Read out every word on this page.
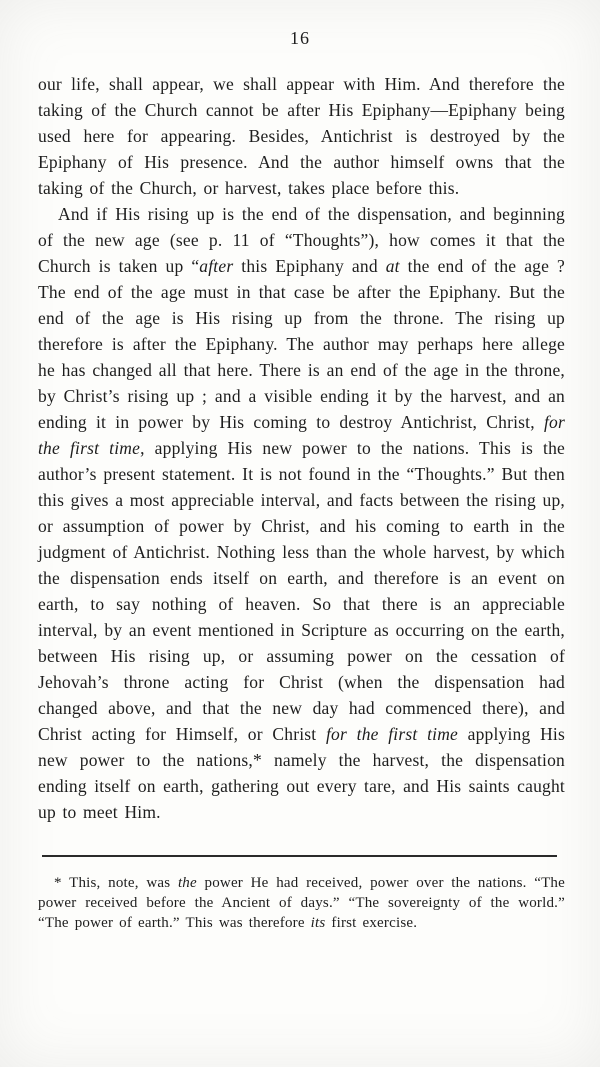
16

our life, shall appear, we shall appear with Him. And therefore the taking of the Church cannot be after His Epiphany—Epiphany being used here for appearing. Besides, Antichrist is destroyed by the Epiphany of His presence. And the author himself owns that the taking of the Church, or harvest, takes place before this.

And if His rising up is the end of the dispensation, and beginning of the new age (see p. 11 of “Thoughts”), how comes it that the Church is taken up “after this Epiphany and at the end of the age ? The end of the age must in that case be after the Epiphany. But the end of the age is His rising up from the throne. The rising up therefore is after the Epiphany. The author may perhaps here allege he has changed all that here. There is an end of the age in the throne, by Christ’s rising up ; and a visible ending it by the harvest, and an ending it in power by His coming to destroy Antichrist, Christ, for the first time, applying His new power to the nations. This is the author’s present statement. It is not found in the “Thoughts.” But then this gives a most appreciable interval, and facts between the rising up, or assumption of power by Christ, and his coming to earth in the judgment of Antichrist. Nothing less than the whole harvest, by which the dispensation ends itself on earth, and therefore is an event on earth, to say nothing of heaven. So that there is an appreciable interval, by an event mentioned in Scripture as occurring on the earth, between His rising up, or assuming power on the cessation of Jehovah’s throne acting for Christ (when the dispensation had changed above, and that the new day had commenced there), and Christ acting for Himself, or Christ for the first time applying His new power to the nations,* namely the harvest, the dispensation ending itself on earth, gathering out every tare, and His saints caught up to meet Him.

* This, note, was the power He had received, power over the nations. “The power received before the Ancient of days.” “The sovereignty of the world.” “The power of earth.” This was therefore its first exercise.
